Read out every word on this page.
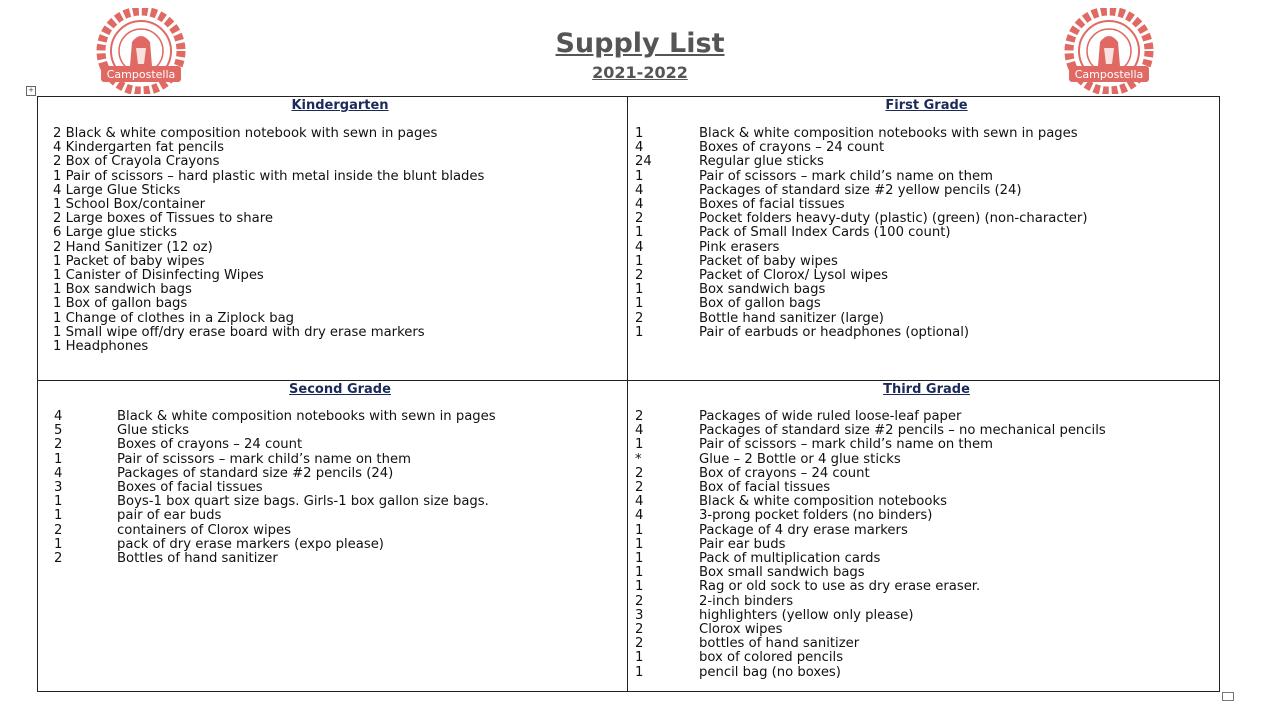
Campostella	Campostella
Supply List
2021-2022
+
Kindergarten
2 Black & white composition notebook with sewn in pages
4 Kindergarten fat pencils
2 Box of Crayola Crayons
1 Pair of scissors – hard plastic with metal inside the blunt blades
4 Large Glue Sticks
1 School Box/container
2 Large boxes of Tissues to share
6 Large glue sticks
2 Hand Sanitizer (12 oz)
1 Packet of baby wipes
1 Canister of Disinfecting Wipes
1 Box sandwich bags
1 Box of gallon bags
1 Change of clothes in a Ziplock bag
1 Small wipe off/dry erase board with dry erase markers
1 Headphones
First Grade
1	Black & white composition notebooks with sewn in pages
4	Boxes of crayons – 24 count
24	Regular glue sticks
1	Pair of scissors – mark child’s name on them
4	Packages of standard size #2 yellow pencils (24)
4	Boxes of facial tissues
2	Pocket folders heavy-duty (plastic) (green) (non-character)
1	Pack of Small Index Cards (100 count)
4	Pink erasers
1	Packet of baby wipes
2	Packet of Clorox/ Lysol wipes
1	Box sandwich bags
1	Box of gallon bags
2	Bottle hand sanitizer (large)
1	Pair of earbuds or headphones (optional)
Second Grade
4	Black & white composition notebooks with sewn in pages
5	Glue sticks
2	Boxes of crayons – 24 count
1	Pair of scissors – mark child’s name on them
4	Packages of standard size #2 pencils (24)
3	Boxes of facial tissues
1	Boys-1 box quart size bags. Girls-1 box gallon size bags.
1	pair of ear buds
2	containers of Clorox wipes
1	pack of dry erase markers (expo please)
2	Bottles of hand sanitizer
Third Grade
2	Packages of wide ruled loose-leaf paper
4	Packages of standard size #2 pencils – no mechanical pencils
1	Pair of scissors – mark child’s name on them
*	Glue – 2 Bottle or 4 glue sticks
2	Box of crayons – 24 count
2	Box of facial tissues
4	Black & white composition notebooks
4	3-prong pocket folders (no binders)
1	Package of 4 dry erase markers
1	Pair ear buds
1	Pack of multiplication cards
1	Box small sandwich bags
1	Rag or old sock to use as dry erase eraser.
2	2-inch binders
3	highlighters (yellow only please)
2	Clorox wipes
2	bottles of hand sanitizer
1	box of colored pencils
1	pencil bag (no boxes)
